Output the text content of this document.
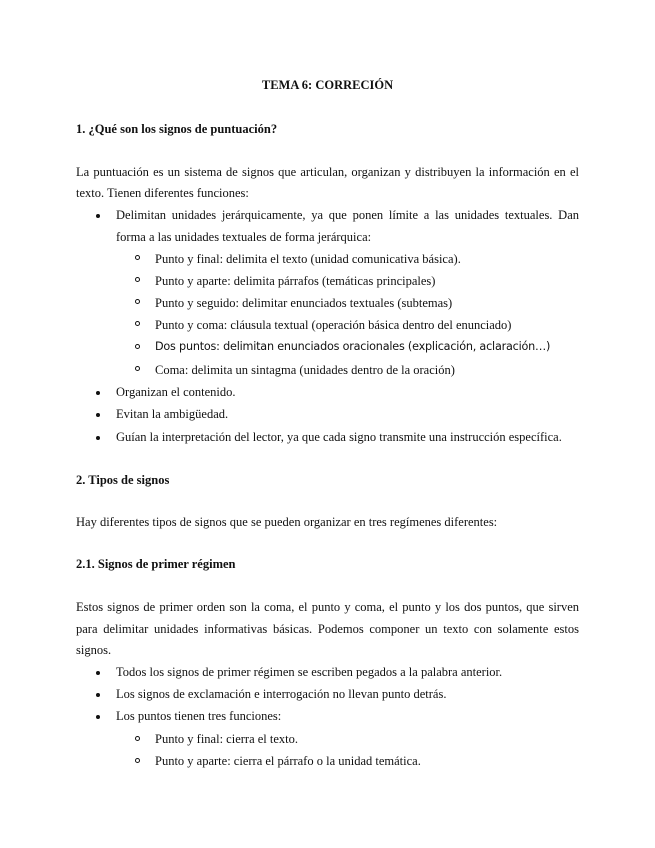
TEMA 6: CORRECIÓN
1. ¿Qué son los signos de puntuación?
La puntuación es un sistema de signos que articulan, organizan y distribuyen la información en el
texto. Tienen diferentes funciones:
Delimitan unidades jerárquicamente, ya que ponen límite a las unidades textuales. Dan
forma a las unidades textuales de forma jerárquica:
Punto y final: delimita el texto (unidad comunicativa básica).
Punto y aparte: delimita párrafos (temáticas principales)
Punto y seguido: delimitar enunciados textuales (subtemas)
Punto y coma: cláusula textual (operación básica dentro del enunciado)
Dos puntos: delimitan enunciados oracionales (explicación, aclaración…)
Coma: delimita un sintagma (unidades dentro de la oración)
Organizan el contenido.
Evitan la ambigüedad.
Guían la interpretación del lector, ya que cada signo transmite una instrucción específica.
2. Tipos de signos
Hay diferentes tipos de signos que se pueden organizar en tres regímenes diferentes:
2.1. Signos de primer régimen
Estos signos de primer orden son la coma, el punto y coma, el punto y los dos puntos, que sirven
para delimitar unidades informativas básicas. Podemos componer un texto con solamente estos
signos.
Todos los signos de primer régimen se escriben pegados a la palabra anterior.
Los signos de exclamación e interrogación no llevan punto detrás.
Los puntos tienen tres funciones:
Punto y final: cierra el texto.
Punto y aparte: cierra el párrafo o la unidad temática.
